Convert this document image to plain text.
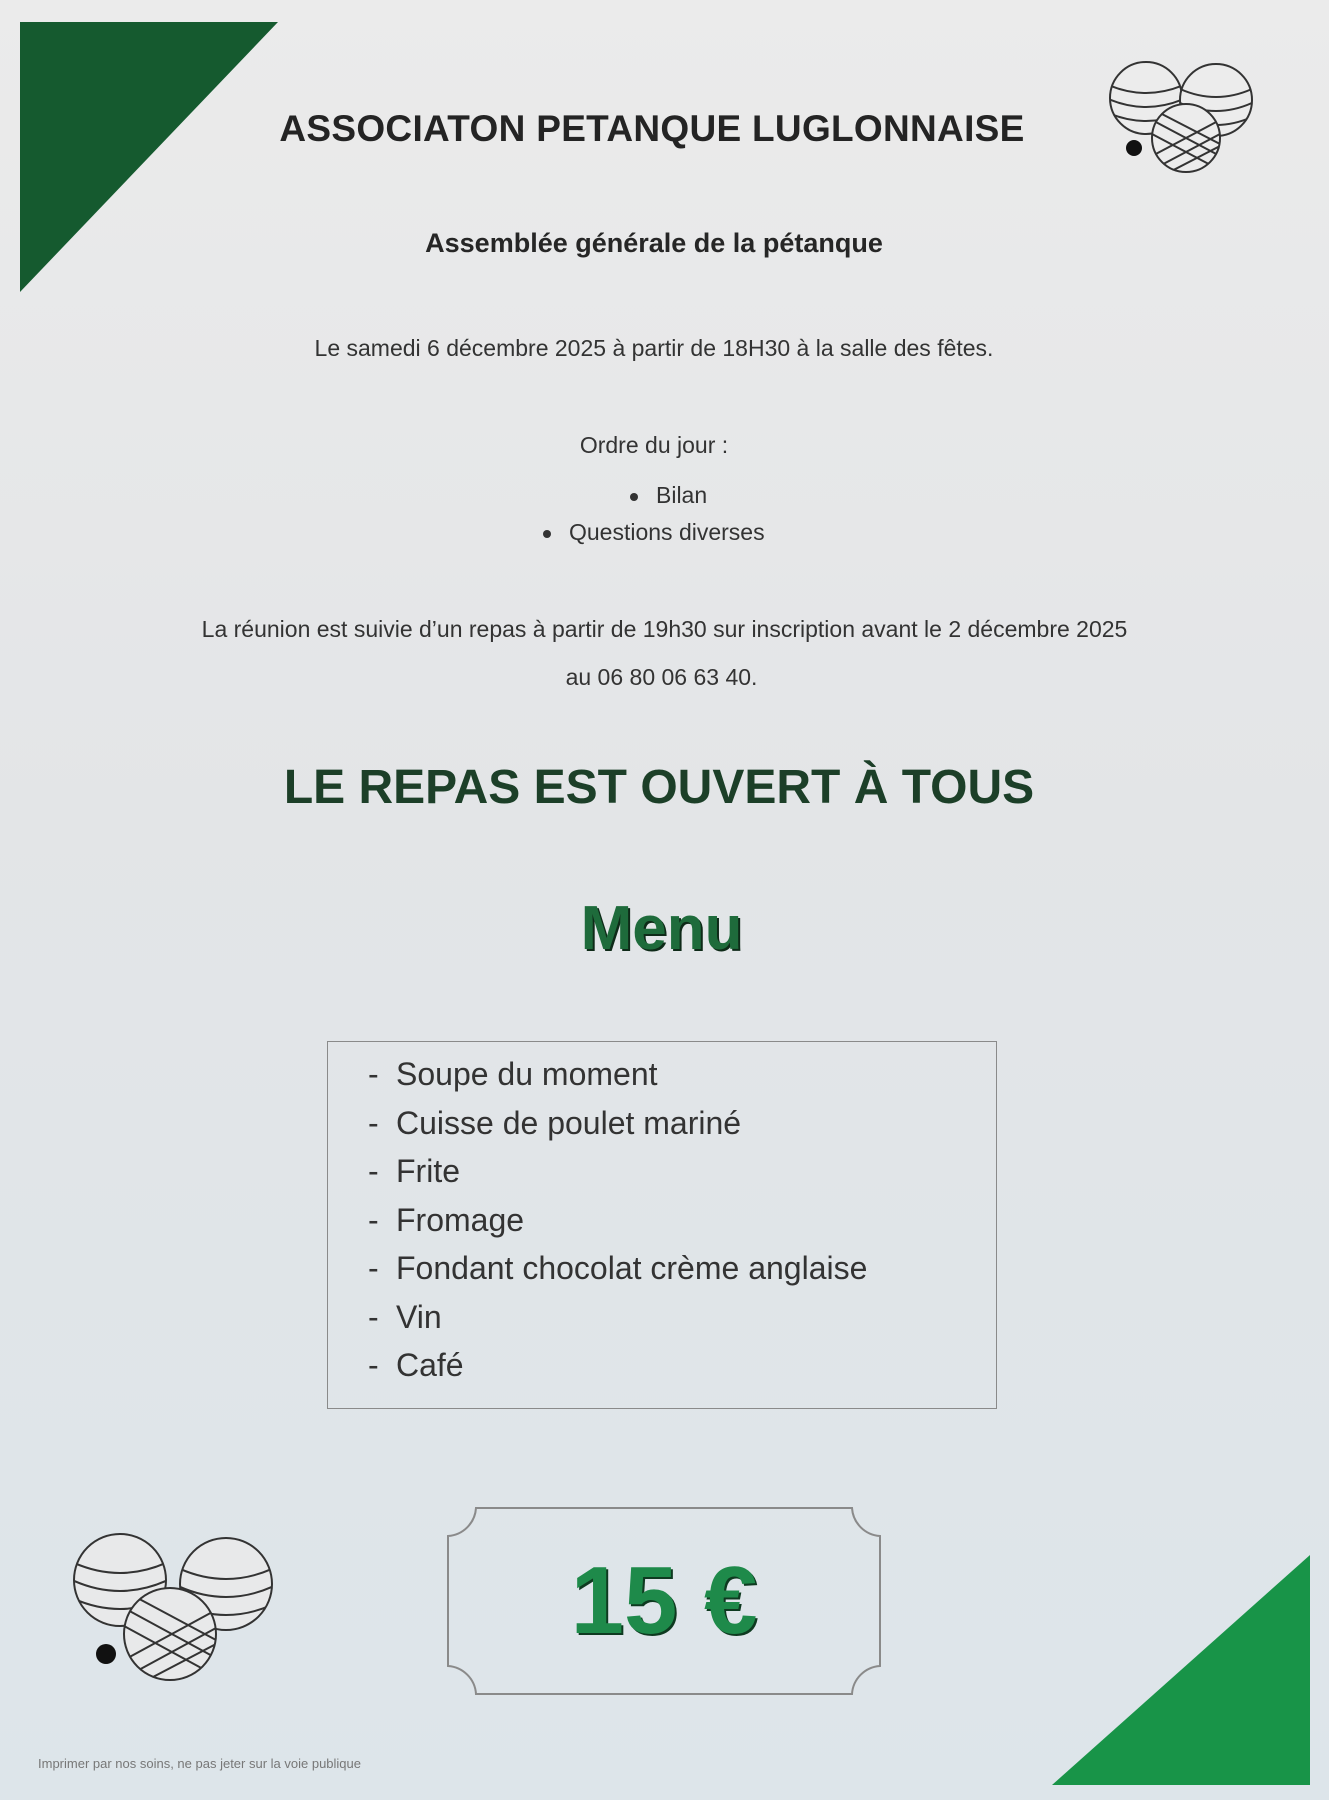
ASSOCIATON PETANQUE LUGLONNAISE

Assemblée générale de la pétanque

Le samedi 6 décembre 2025 à partir de 18H30 à la salle des fêtes.

Ordre du jour :

Bilan

Questions diverses

La réunion est suivie d’un repas à partir de 19h30 sur inscription avant le 2 décembre 2025

au 06 80 06 63 40.

LE REPAS EST OUVERT À TOUS

Menu

- Soupe du moment
- Cuisse de poulet mariné
- Frite
- Fromage
- Fondant chocolat crème anglaise
- Vin
- Café

15 €

Imprimer par nos soins, ne pas jeter sur la voie publique
